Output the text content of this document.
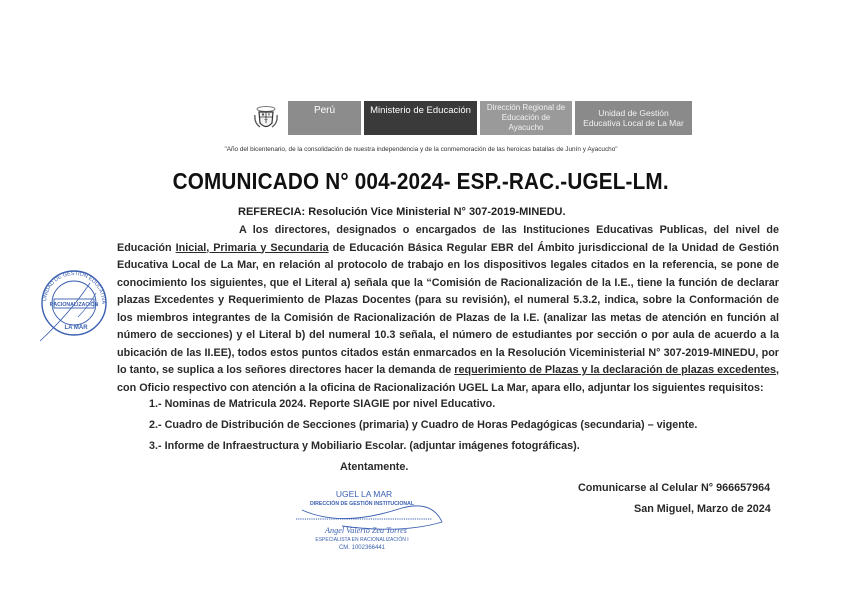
Perú	Ministerio de Educación	Dirección Regional de
Educación de Ayacucho
Unidad de Gestión
Educativa Local de La Mar
"Año del bicentenario, de la consolidación de nuestra independencia y de la conmemoración de las heroicas batallas de Junín y Ayacucho"
COMUNICADO N° 004-2024- ESP.-RAC.-UGEL-LM.
REFERECIA: Resolución Vice Ministerial N° 307-2019-MINEDU.
A los directores, designados o encargados de las Instituciones Educativas Publicas, del nivel de Educación Inicial, Primaria y Secundaria de Educación Básica Regular EBR del Ámbito jurisdiccional de la Unidad de Gestión Educativa Local de La Mar, en relación al protocolo de trabajo en los dispositivos legales citados en la referencia, se pone de conocimiento los siguientes, que el Literal a) señala que la “Comisión de Racionalización de la I.E., tiene la función de declarar plazas Excedentes y Requerimiento de Plazas Docentes (para su revisión), el numeral 5.3.2, indica, sobre la Conformación de los miembros integrantes de la Comisión de Racionalización de Plazas de la I.E. (analizar las metas de atención en función al número de secciones) y el Literal b) del numeral 10.3 señala, el número de estudiantes por sección o por aula de acuerdo a la ubicación de las II.EE), todos estos puntos citados están enmarcados en la Resolución Viceministerial N° 307-2019-MINEDU, por lo tanto, se suplica a los señores directores hacer la demanda de requerimiento de Plazas y la declaración de plazas excedentes, con Oficio respectivo con atención a la oficina de Racionalización UGEL La Mar, apara ello, adjuntar los siguientes requisitos:
1.- Nominas de Matricula 2024. Reporte SIAGIE por nivel Educativo.
2.- Cuadro de Distribución de Secciones (primaria) y Cuadro de Horas Pedagógicas (secundaria) – vigente.
3.- Informe de Infraestructura y Mobiliario Escolar. (adjuntar imágenes fotográficas).
Atentamente.
Comunicarse al Celular N° 966657964
San Miguel, Marzo de 2024
UNIDAD DE GESTIÓN EDUCATIVA
RACIONALIZACIÓN
LA MAR
UGEL LA MAR
DIRECCIÓN DE GESTIÓN INSTITUCIONAL
Angel Valerio Zea Torres
ESPECIALISTA EN RACIONALIZACIÓN I
CM. 1002366441
